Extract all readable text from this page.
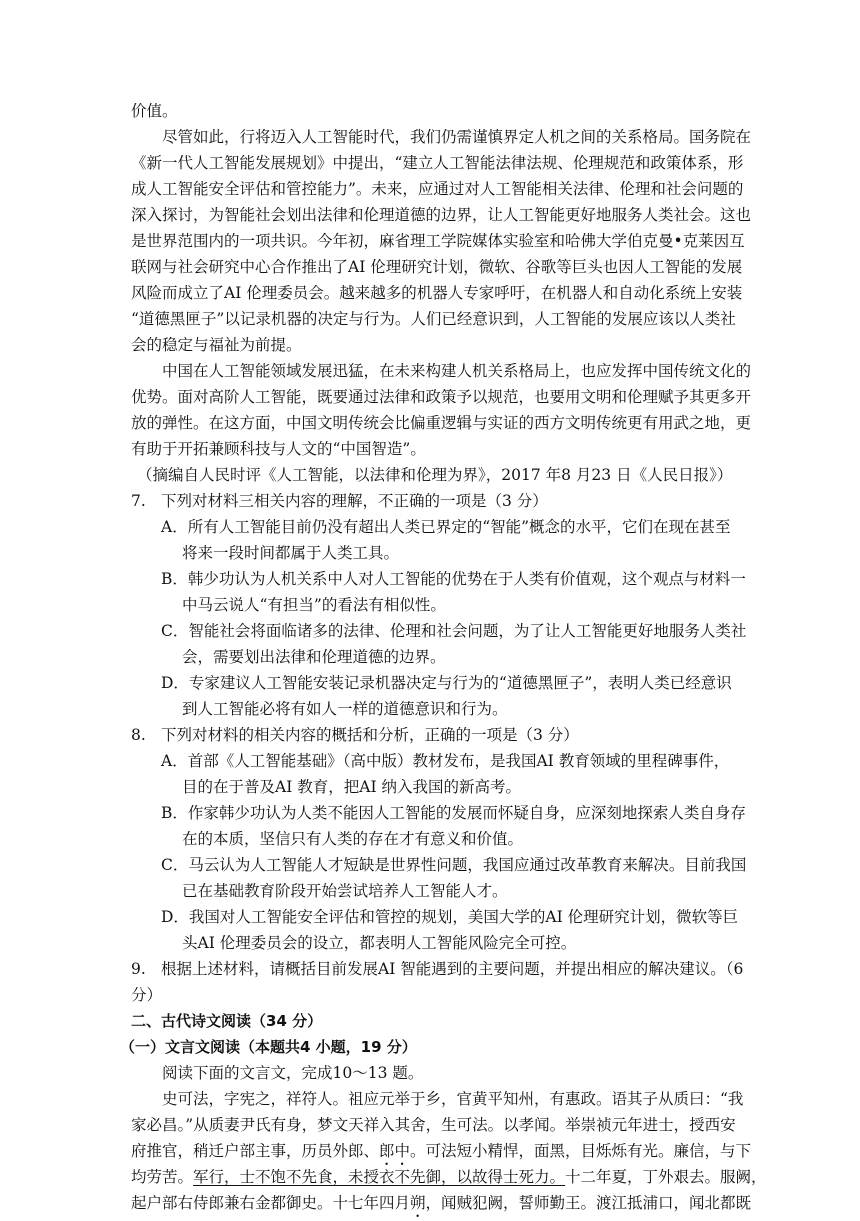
价值。
尽管如此，行将迈入人工智能时代，我们仍需谨慎界定人机之间的关系格局。国务院在
《新一代人工智能发展规划》中提出，“建立人工智能法律法规、伦理规范和政策体系，形
成人工智能安全评估和管控能力”。未来，应通过对人工智能相关法律、伦理和社会问题的
深入探讨，为智能社会划出法律和伦理道德的边界，让人工智能更好地服务人类社会。这也
是世界范围内的一项共识。今年初，麻省理工学院媒体实验室和哈佛大学伯克曼•克莱因互
联网与社会研究中心合作推出了AI 伦理研究计划，微软、谷歌等巨头也因人工智能的发展
风险而成立了AI 伦理委员会。越来越多的机器人专家呼吁，在机器人和自动化系统上安装
“道德黑匣子”以记录机器的决定与行为。人们已经意识到，人工智能的发展应该以人类社
会的稳定与福祉为前提。
中国在人工智能领域发展迅猛，在未来构建人机关系格局上，也应发挥中国传统文化的
优势。面对高阶人工智能，既要通过法律和政策予以规范，也要用文明和伦理赋予其更多开
放的弹性。在这方面，中国文明传统会比偏重逻辑与实证的西方文明传统更有用武之地，更
有助于开拓兼顾科技与人文的“中国智造”。
（摘编自人民时评《人工智能，以法律和伦理为界》，2017 年8 月23 日《人民日报》）
7. 下列对材料三相关内容的理解，不正确的一项是（3 分）
A．所有人工智能目前仍没有超出人类已界定的“智能”概念的水平，它们在现在甚至
将来一段时间都属于人类工具。
B．韩少功认为人机关系中人对人工智能的优势在于人类有价值观，这个观点与材料一
中马云说人“有担当”的看法有相似性。
C．智能社会将面临诸多的法律、伦理和社会问题，为了让人工智能更好地服务人类社
会，需要划出法律和伦理道德的边界。
D．专家建议人工智能安装记录机器决定与行为的“道德黑匣子”，表明人类已经意识
到人工智能必将有如人一样的道德意识和行为。
8. 下列对材料的相关内容的概括和分析，正确的一项是（3 分）
A．首部《人工智能基础》（高中版）教材发布，是我国AI 教育领域的里程碑事件，
目的在于普及AI 教育，把AI 纳入我国的新高考。
B．作家韩少功认为人类不能因人工智能的发展而怀疑自身，应深刻地探索人类自身存
在的本质，坚信只有人类的存在才有意义和价值。
C．马云认为人工智能人才短缺是世界性问题，我国应通过改革教育来解决。目前我国
已在基础教育阶段开始尝试培养人工智能人才。
D．我国对人工智能安全评估和管控的规划，美国大学的AI 伦理研究计划，微软等巨
头AI 伦理委员会的设立，都表明人工智能风险完全可控。
9. 根据上述材料，请概括目前发展AI 智能遇到的主要问题，并提出相应的解决建议。（6
分）
二、古代诗文阅读（34 分）
（一）文言文阅读（本题共4 小题，19 分）
阅读下面的文言文，完成10～13 题。
史可法，字宪之，祥符人。祖应元举于乡，官黄平知州，有惠政。语其子从质曰：“我
家必昌。”从质妻尹氏有身，梦文天祥入其舍，生可法。以孝闻。举崇祯元年进士，授西安
府推官，稍迁户部主事，历员外郎、郎中。可法短小精悍，面黑，目烁烁有光。廉信，与下
均劳苦。军行，士不饱不先食，未授衣不先御，以故得士死力。十二年夏，丁外艰去。服阙，
起户部右侍郎兼右金都御史。十七年四月朔，闻贼犯阙，誓师勤王。渡江抵浦口，闻北都既
